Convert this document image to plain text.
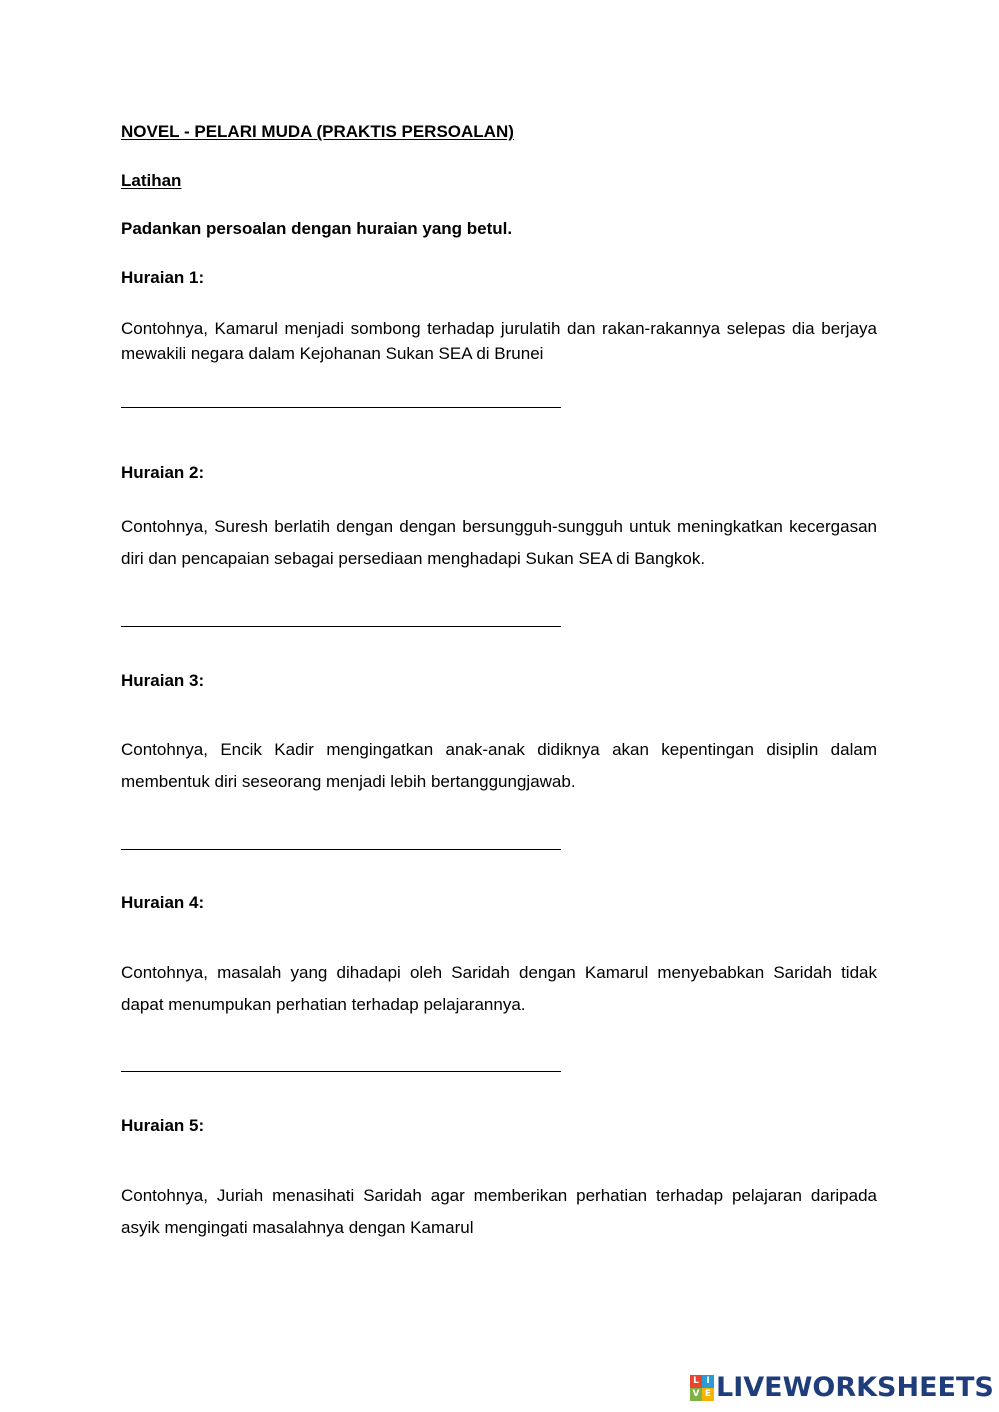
NOVEL - PELARI MUDA (PRAKTIS PERSOALAN)
Latihan
Padankan persoalan dengan huraian yang betul.
Huraian 1:
Contohnya, Kamarul menjadi sombong terhadap jurulatih dan rakan-rakannya selepas dia berjaya mewakili negara dalam Kejohanan Sukan SEA di Brunei
Huraian 2:
Contohnya, Suresh berlatih dengan dengan bersungguh-sungguh untuk meningkatkan kecergasan diri dan pencapaian sebagai persediaan menghadapi Sukan SEA di Bangkok.
Huraian 3:
Contohnya, Encik Kadir mengingatkan anak-anak didiknya akan kepentingan disiplin dalam membentuk diri seseorang menjadi lebih bertanggungjawab.
Huraian 4:
Contohnya, masalah yang dihadapi oleh Saridah dengan Kamarul menyebabkan Saridah tidak dapat menumpukan perhatian terhadap pelajarannya.
Huraian 5:
Contohnya, Juriah menasihati Saridah agar memberikan perhatian terhadap pelajaran daripada asyik mengingati masalahnya dengan Kamarul
L I
V E LIVEWORKSHEETS
